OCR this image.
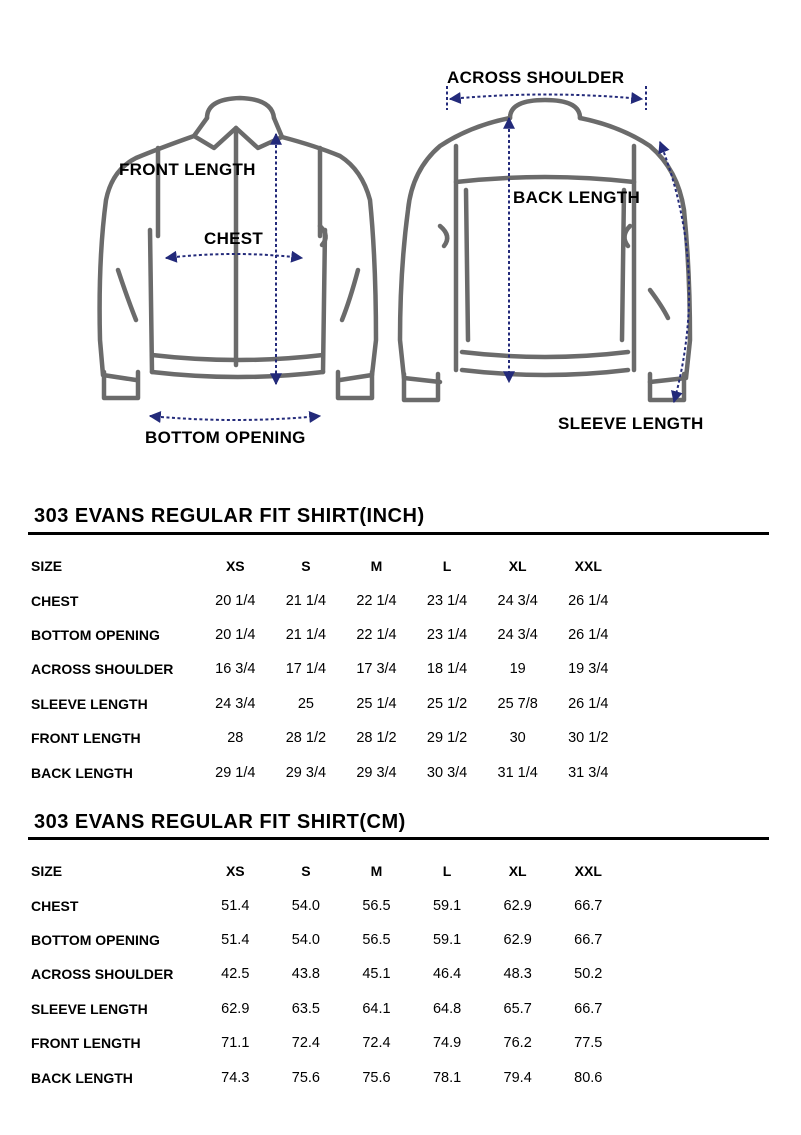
FRONT LENGTH
CHEST
BOTTOM OPENING
ACROSS SHOULDER
BACK LENGTH
SLEEVE LENGTH
303 EVANS REGULAR FIT SHIRT(INCH)
SIZE	XS	S	M	L	XL	XXL
CHEST	20 1/4	21 1/4	22 1/4	23 1/4	24 3/4	26 1/4
BOTTOM OPENING	20 1/4	21 1/4	22 1/4	23 1/4	24 3/4	26 1/4
ACROSS SHOULDER	16 3/4	17 1/4	17 3/4	18 1/4	19	19 3/4
SLEEVE LENGTH	24 3/4	25	25 1/4	25 1/2	25 7/8	26 1/4
FRONT LENGTH	28	28 1/2	28 1/2	29 1/2	30	30 1/2
BACK LENGTH	29 1/4	29 3/4	29 3/4	30 3/4	31 1/4	31 3/4
303 EVANS REGULAR FIT SHIRT(CM)
SIZE	XS	S	M	L	XL	XXL
CHEST	51.4	54.0	56.5	59.1	62.9	66.7
BOTTOM OPENING	51.4	54.0	56.5	59.1	62.9	66.7
ACROSS SHOULDER	42.5	43.8	45.1	46.4	48.3	50.2
SLEEVE LENGTH	62.9	63.5	64.1	64.8	65.7	66.7
FRONT LENGTH	71.1	72.4	72.4	74.9	76.2	77.5
BACK LENGTH	74.3	75.6	75.6	78.1	79.4	80.6
